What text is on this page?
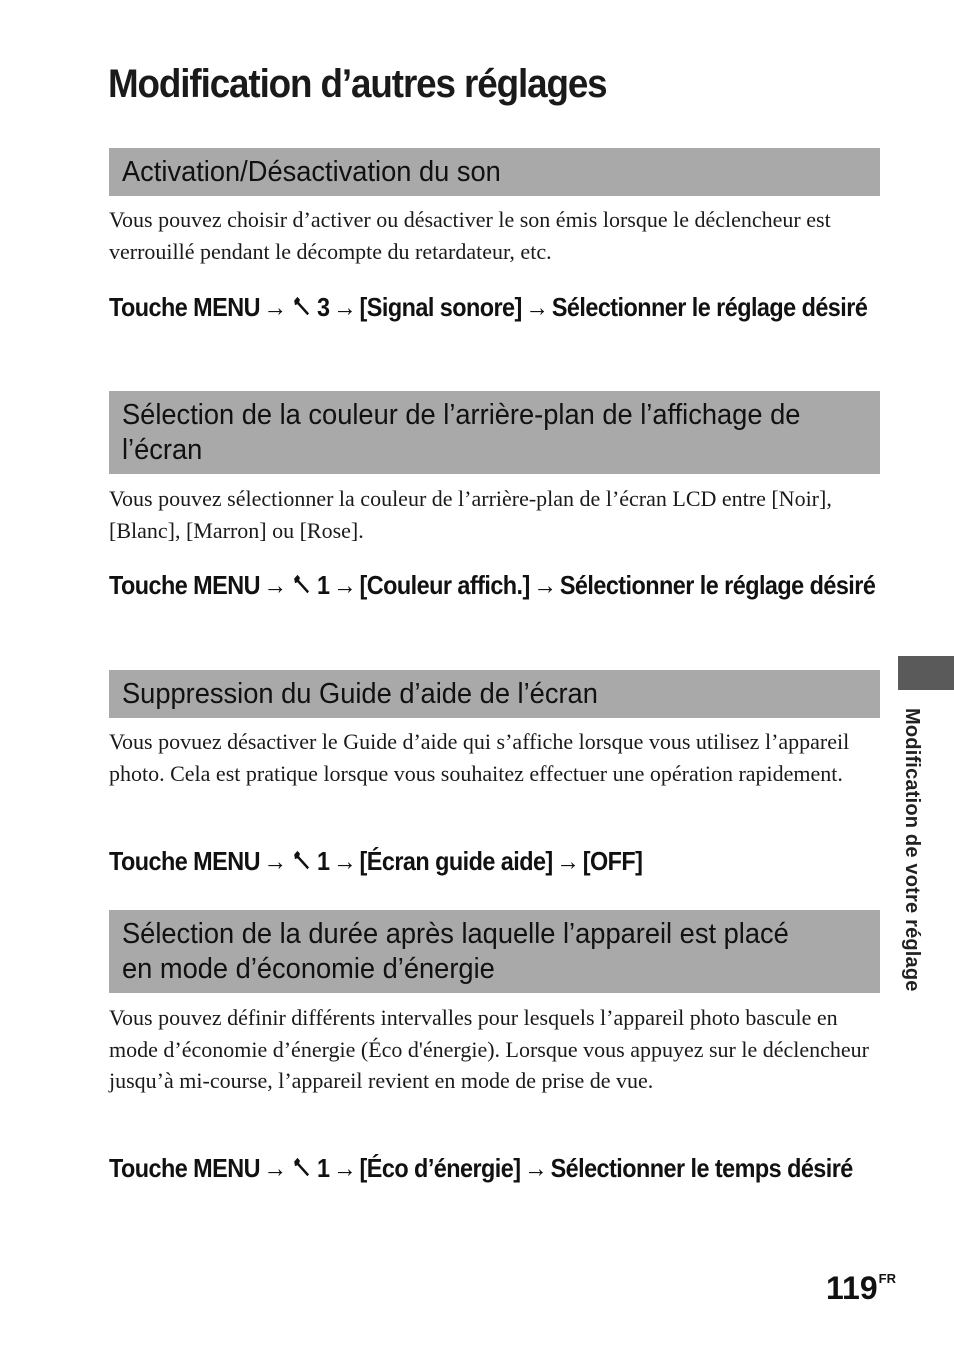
Modification d’autres réglages
Activation/Désactivation du son

Vous pouvez choisir d’activer ou désactiver le son émis lorsque le déclencheur est verrouillé pendant le décompte du retardateur, etc.

Touche MENU → 3 → [Signal sonore] → Sélectionner le réglage désiré

Sélection de la couleur de l’arrière-plan de l’affichage de l’écran

Vous pouvez sélectionner la couleur de l’arrière-plan de l’écran LCD entre [Noir], [Blanc], [Marron] ou [Rose].

Touche MENU → 1 → [Couleur affich.] → Sélectionner le réglage désiré

Suppression du Guide d’aide de l’écran

Vous povuez désactiver le Guide d’aide qui s’affiche lorsque vous utilisez l’appareil photo. Cela est pratique lorsque vous souhaitez effectuer une opération rapidement.

Touche MENU → 1 → [Écran guide aide] → [OFF]

Sélection de la durée après laquelle l’appareil est placé en mode d’économie d’énergie

Vous pouvez définir différents intervalles pour lesquels l’appareil photo bascule en mode d’économie d’énergie (Éco d'énergie). Lorsque vous appuyez sur le déclencheur jusqu’à mi-course, l’appareil revient en mode de prise de vue.

Touche MENU → 1 → [Éco d’énergie] → Sélectionner le temps désiré

Modification de votre réglage
$119^{FR}$
